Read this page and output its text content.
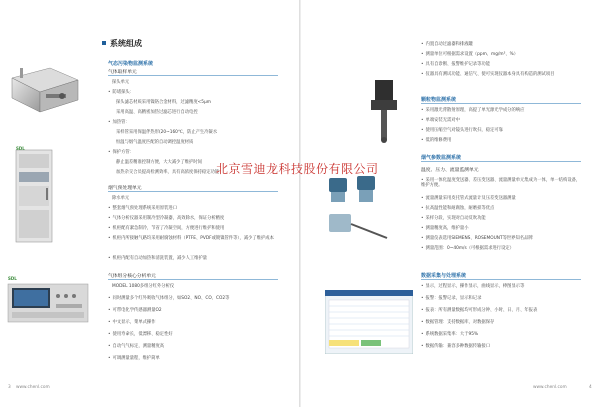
系统组成
SDL
SDL
气态污染物监测系统
气体取样单元
探头单元
• 防堵探头：
探头滤芯材质采用镍铬合金材料，过滤精度<5μm
采用高温、高精密加热过滤芯进行自动电控
• 加热管：
采样管采用保温伴热形(20~160℃，防止产生冷凝水
恒温与烟气温度匹配的自动调控温度材质
• 保护方管：
静止温差精准控制方便，大大减少了维护时间
加热杂交合员提高检测效率，具有高浓度保持稳定功能
烟气预处理单元
除水单元
• 整套烟气预处理系统采用原装进口
• 气体分析仪器采用制冷型冷凝器，高效除水，保证分析精度
• 机柜配有紧急制冷，节省了冷凝空间，方便进行维护和使用
• 机柜内所接触气路均采用耐腐蚀材料（PTFE、PVDF或镀镍管件等），减少了维护成本
• 机柜内配有自动加热和清洗装置，减少人工维护量
气体组分核心分析单元
MODEL 1080多组分红外分析仪
• 同时测量多个红外吸收气体组分，如SO2、NO、CO、CO2等
• 可带电化学传感器测量O2
• 中文显示，菜单式操作
• 使用寿命长，低漂移、稳定性好
• 自动气气标定，测量精度高
• 可调测量量程，维护简单
3 www.chenl.com
• 内置自动过滤器和排液罐
• 测量单位可根据需求设置（ppm、mg/m³、%）
• 具有自诊断、报警维护记录等功能
• 仪器具有测试功能、通信气、使可实现仪器本身具有构造的测试项目
颗粒物监测系统
• 采用激光背散射原理，高提了单光源光学成分的响应
• 单端安装无需对中
• 使用压缩空气对镜头进行吹扫，稳定可靠
• 低的维修费用
烟气参数监测系统
温度、压力、流量监测单元
• 采用一体化温度变送器、差压变送器、流量测量单元集成为一体，单一结构设备，维护方便。
• 流量测量采用皮托管式流量计及压差变送器测量
• 抗高温性能和耐腐蚀，耐磨损等优点
• 采样分段，实现对自动反吹功能
• 测量精度高，维护量小
• 测量仪表选用SIEMENS、ROSEMOUNT等世界知名品牌
• 测量范围：0~40m/s（可根据需求进行设定）
数据采集与处理系统
• 显示，过程显示，操作显示，曲线显示，棒图显示等
• 报警：报警记录，显示和记录
• 报表：所有测量数据均可形成分钟、小时、日、月、年报表
• 数据管理：支持数据库，对数据保存
• 系统数据采集率：大于95%
• 数据传输：兼容多种数据传输接口
www.chenl.com	4
北京雪迪龙科技股份有限公司
